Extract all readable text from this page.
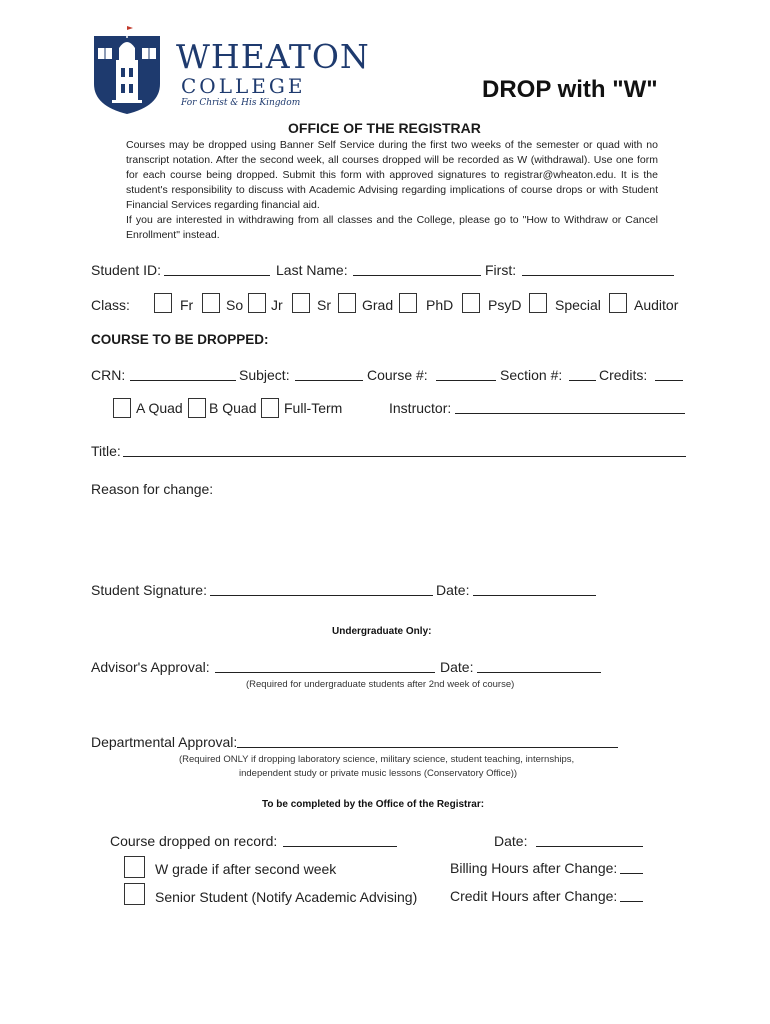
WHEATON
COLLEGE
For Christ & His Kingdom	DROP with "W"
OFFICE OF THE REGISTRAR
Courses may be dropped using Banner Self Service during the first two weeks of the semester or quad with no transcript notation. After the second week, all courses dropped will be recorded as W (withdrawal). Use one form for each course being dropped. Submit this form with approved signatures to registrar@wheaton.edu. It is the student's responsibility to discuss with Academic Advising regarding implications of course drops or with Student Financial Services regarding financial aid.
If you are interested in withdrawing from all classes and the College, please go to "How to Withdraw or Cancel Enrollment" instead.
Student ID:	Last Name:	First:
Class:	Fr So Jr Sr Grad PhD PsyD Special Auditor
COURSE TO BE DROPPED:
CRN:	Subject:	Course #:	Section #:	Credits:
A Quad B Quad Full-Term	Instructor:
Title:
Reason for change:
Student Signature:	Date:
Undergraduate Only:
Advisor's Approval:	Date:
(Required for undergraduate students after 2nd week of course)
Departmental Approval:
(Required ONLY if dropping laboratory science, military science, student teaching, internships,
independent study or private music lessons (Conservatory Office))
To be completed by the Office of the Registrar:
Course dropped on record:	Date:
W grade if after second week	Billing Hours after Change:
Senior Student (Notify Academic Advising) Credit Hours after Change:
